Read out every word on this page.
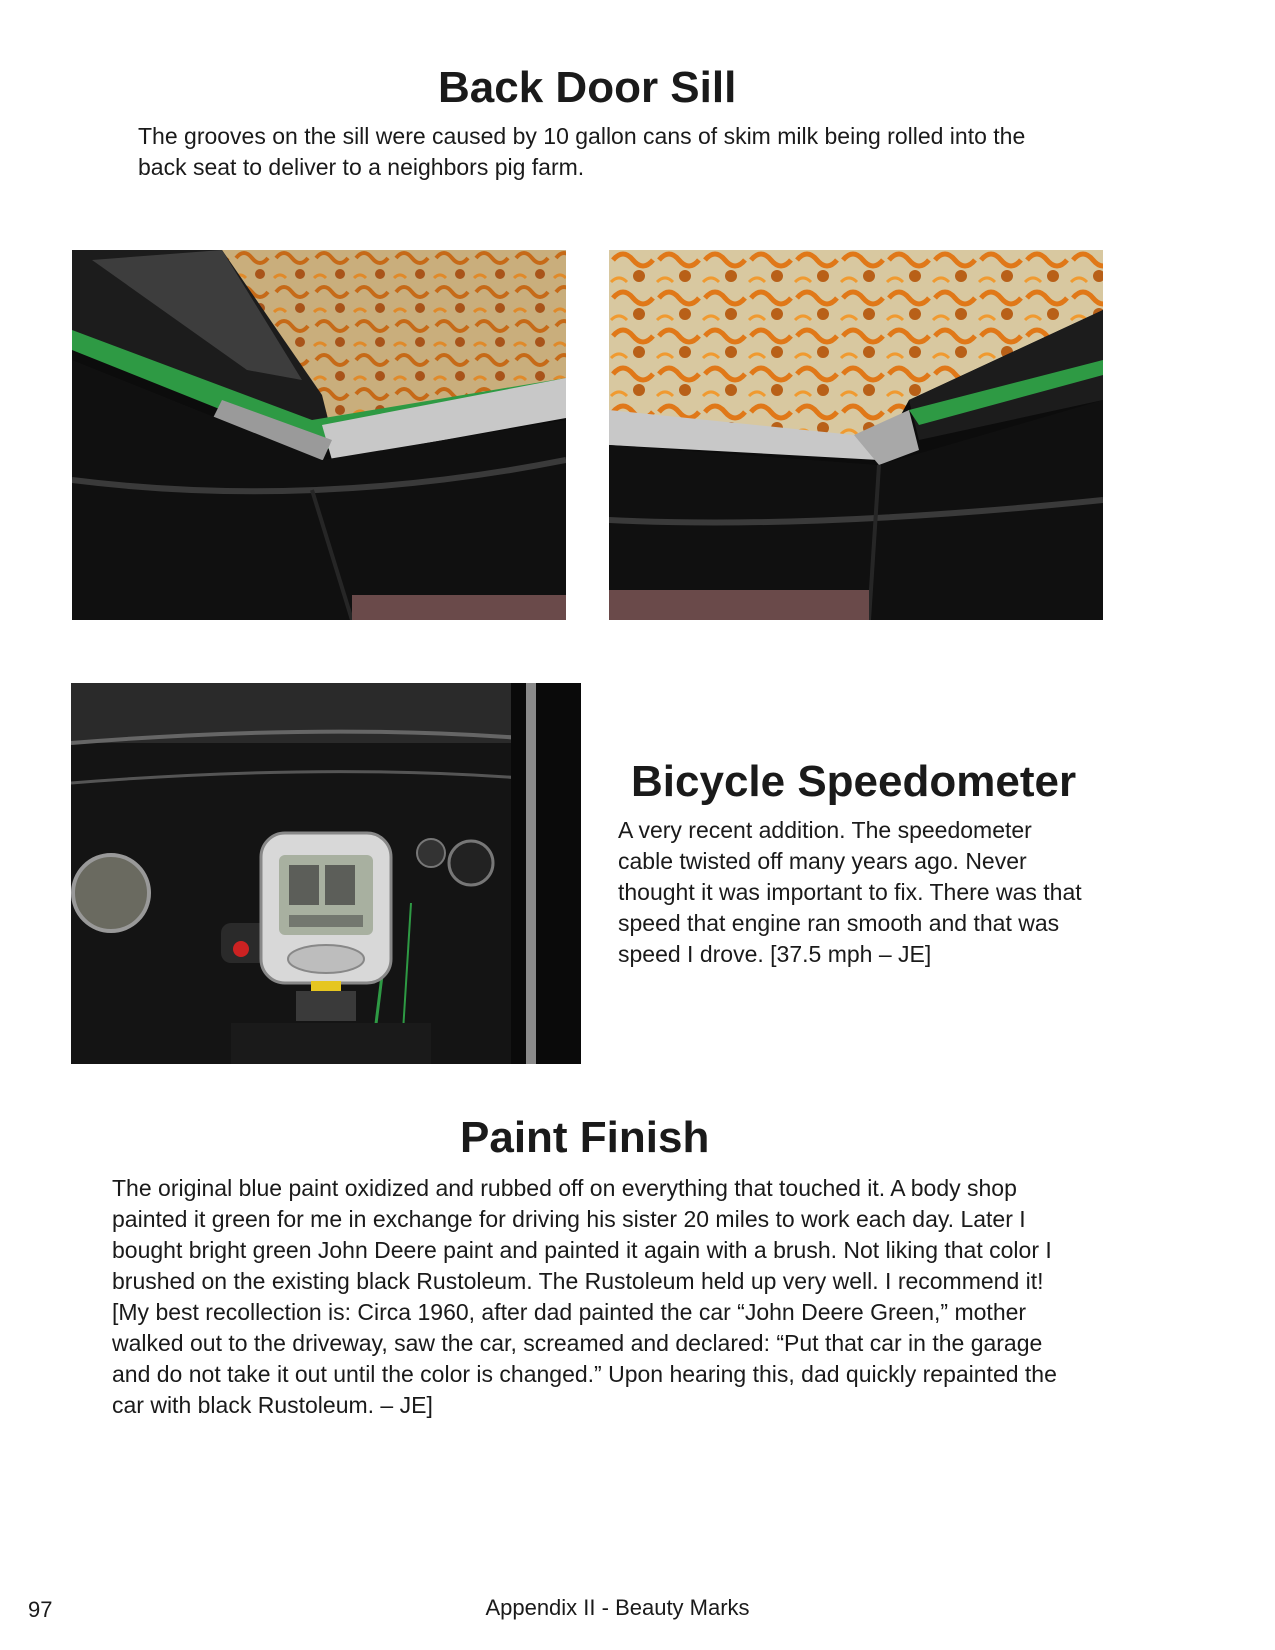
Back Door Sill

The grooves on the sill were caused by 10 gallon cans of skim milk being rolled into the back seat to deliver to a neighbors pig farm.

Bicycle Speedometer

A very recent addition. The speedometer cable twisted off many years ago. Never thought it was important to fix. There was that speed that engine ran smooth and that was speed I drove. [37.5 mph – JE]

Paint Finish

The original blue paint oxidized and rubbed off on everything that touched it. A body shop painted it green for me in exchange for driving his sister 20 miles to work each day. Later I bought bright green John Deere paint and painted it again with a brush. Not liking that color I brushed on the existing black Rustoleum. The Rustoleum held up very well. I recommend it! [My best recollection is: Circa 1960, after dad painted the car “John Deere Green,” mother walked out to the driveway, saw the car, screamed and declared: “Put that car in the garage and do not take it out until the color is changed.” Upon hearing this, dad quickly repainted the car with black Rustoleum. – JE]

97	Appendix II - Beauty Marks
